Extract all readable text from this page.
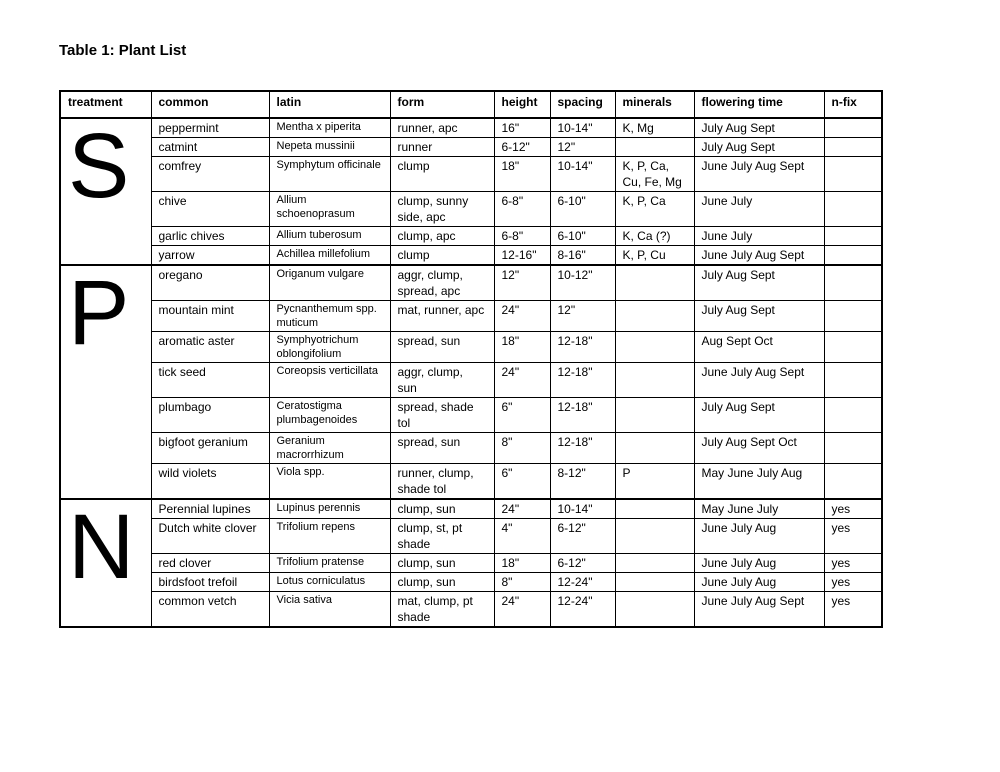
Table 1: Plant List
treatment	common	latin	form	height	spacing	minerals	flowering time	n-fix
S	peppermint	Mentha x piperita	runner, apc	16"	10-14"	K, Mg	July Aug Sept	
	catmint	Nepeta mussinii	runner	6-12"	12"		July Aug Sept	
	comfrey	Symphytum officinale	clump	18"	10-14"	K, P, Ca, Cu, Fe, Mg	June July Aug Sept	
	chive	Allium schoenoprasum	clump, sunny side, apc	6-8"	6-10"	K, P, Ca	June July	
	garlic chives	Allium tuberosum	clump, apc	6-8"	6-10"	K, Ca (?)	June July	
	yarrow	Achillea millefolium	clump	12-16"	8-16"	K, P, Cu	June July Aug Sept	
P	oregano	Origanum vulgare	aggr, clump, spread, apc	12"	10-12"		July Aug Sept	
	mountain mint	Pycnanthemum spp. muticum	mat, runner, apc	24"	12"		July Aug Sept	
	aromatic aster	Symphyotrichum oblongifolium	spread, sun	18"	12-18"		Aug Sept Oct	
	tick seed	Coreopsis verticillata	aggr, clump, sun	24"	12-18"		June July Aug Sept	
	plumbago	Ceratostigma plumbagenoides	spread, shade tol	6"	12-18"		July Aug Sept	
	bigfoot geranium	Geranium macrorrhizum	spread, sun	8"	12-18"		July Aug Sept Oct	
	wild violets	Viola spp.	runner, clump, shade tol	6"	8-12"	P	May June July Aug	
N	Perennial lupines	Lupinus perennis	clump, sun	24"	10-14"		May June July	yes
	Dutch white clover	Trifolium repens	clump, st, pt shade	4"	6-12"		June July Aug	yes
	red clover	Trifolium pratense	clump, sun	18"	6-12"		June July Aug	yes
	birdsfoot trefoil	Lotus corniculatus	clump, sun	8"	12-24"		June July Aug	yes
	common vetch	Vicia sativa	mat, clump, pt shade	24"	12-24"		June July Aug Sept	yes
